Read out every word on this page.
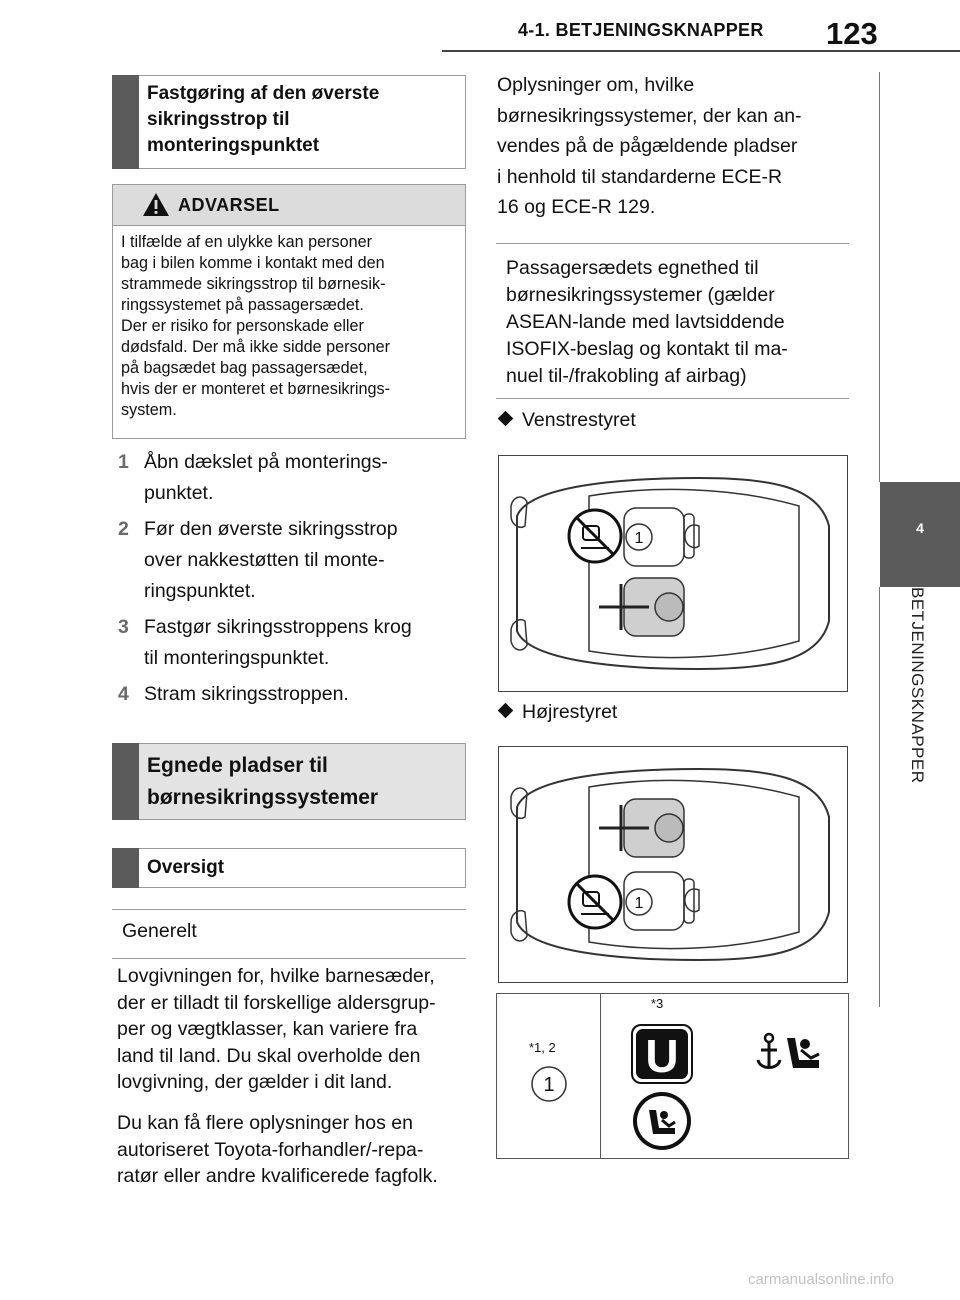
4-1. BETJENINGSKNAPPER 123
4
BETJENINGSKNAPPER
Fastgøring af den øverste sikringsstrop til monteringspunktet
ADVARSEL
I tilfælde af en ulykke kan personer
bag i bilen komme i kontakt med den
strammede sikringsstrop til børnesik-
ringssystemet på passagersædet.
Der er risiko for personskade eller
dødsfald. Der må ikke sidde personer
på bagsædet bag passagersædet,
hvis der er monteret et børnesikrings-
system.
1 Åbn dækslet på monterings-
punktet.
2 Før den øverste sikringsstrop
over nakkestøtten til monte-
ringspunktet.
3 Fastgør sikringsstroppens krog
til monteringspunktet.
4 Stram sikringsstroppen.
Egnede pladser til
børnesikringssystemer
Oversigt
Generelt
Lovgivningen for, hvilke barnesæder,
der er tilladt til forskellige aldersgrup-
per og vægtklasser, kan variere fra
land til land. Du skal overholde den
lovgivning, der gælder i dit land.
Du kan få flere oplysninger hos en
autoriseret Toyota-forhandler/-repa-
ratør eller andre kvalificerede fagfolk.
Oplysninger om, hvilke
børnesikringssystemer, der kan an-
vendes på de pågældende pladser
i henhold til standarderne ECE-R
16 og ECE-R 129.
Passagersædets egnethed til
børnesikringssystemer (gælder
ASEAN-lande med lavtsiddende
ISOFIX-beslag og kontakt til ma-
nuel til-/frakobling af airbag)
Venstrestyret
1
Højrestyret
1
*1, 2
*3
1
U
carmanualsonline.info
